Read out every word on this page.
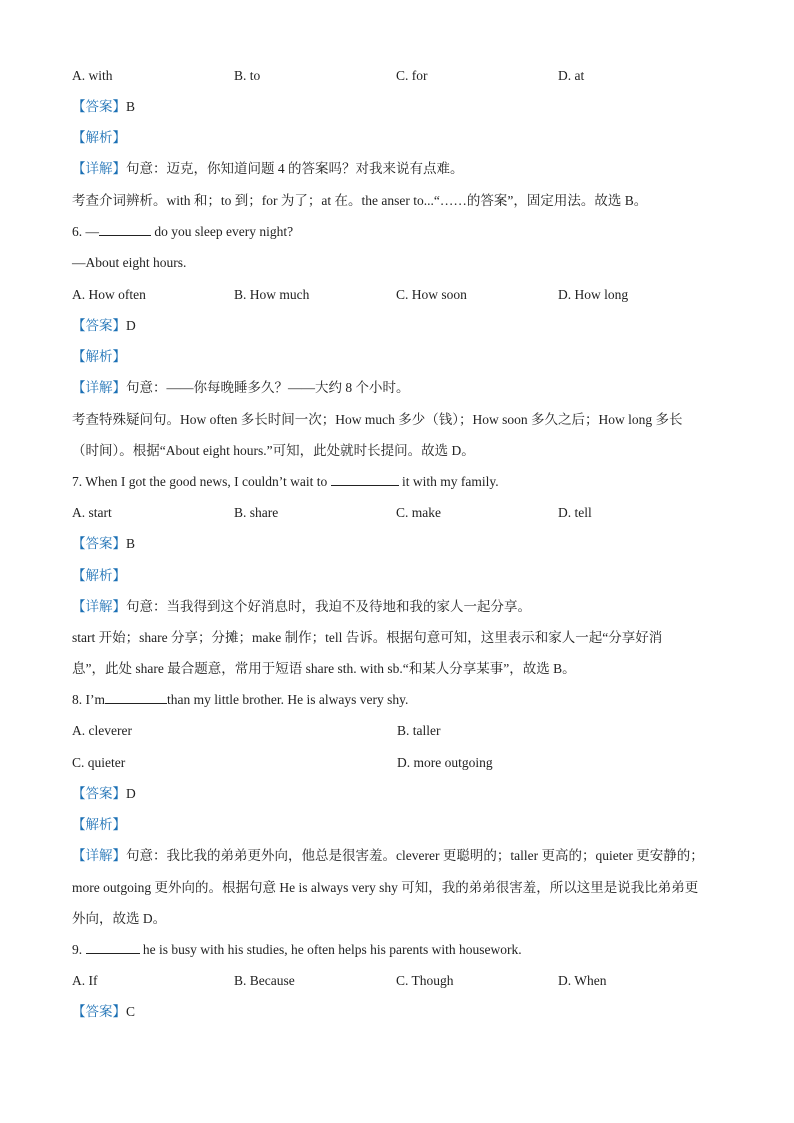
A. with	B. to	C. for	D. at
【答案】B
【解析】
【详解】句意：迈克，你知道问题 4 的答案吗？对我来说有点难。
考查介词辨析。with 和；to 到；for 为了；at 在。the anser to...“……的答案”，固定用法。故选 B。
6. —	do you sleep every night?
—About eight hours.
A. How often	B. How much	C. How soon	D. How long
【答案】D
【解析】
【详解】句意：——你每晚睡多久？——大约 8 个小时。
考查特殊疑问句。How often 多长时间一次；How much 多少（钱）；How soon 多久之后；How long 多长
（时间）。根据“About eight hours.”可知，此处就时长提问。故选 D。
7. When I got the good news, I couldn’t wait to	it with my family.
A. start	B. share	C. make	D. tell
【答案】B
【解析】
【详解】句意：当我得到这个好消息时，我迫不及待地和我的家人一起分享。
start 开始；share 分享；分摊；make 制作；tell 告诉。根据句意可知，这里表示和家人一起“分享好消
息”，此处 share 最合题意，常用于短语 share sth. with sb.“和某人分享某事”，故选 B。
8. I’m	than my little brother. He is always very shy.
A. cleverer	B. taller
C. quieter	D. more outgoing
【答案】D
【解析】
【详解】句意：我比我的弟弟更外向，他总是很害羞。cleverer 更聪明的；taller 更高的；quieter 更安静的；
more outgoing 更外向的。根据句意 He is always very shy 可知，我的弟弟很害羞，所以这里是说我比弟弟更
外向，故选 D。
9.	he is busy with his studies, he often helps his parents with housework.
A. If	B. Because	C. Though	D. When
【答案】C
